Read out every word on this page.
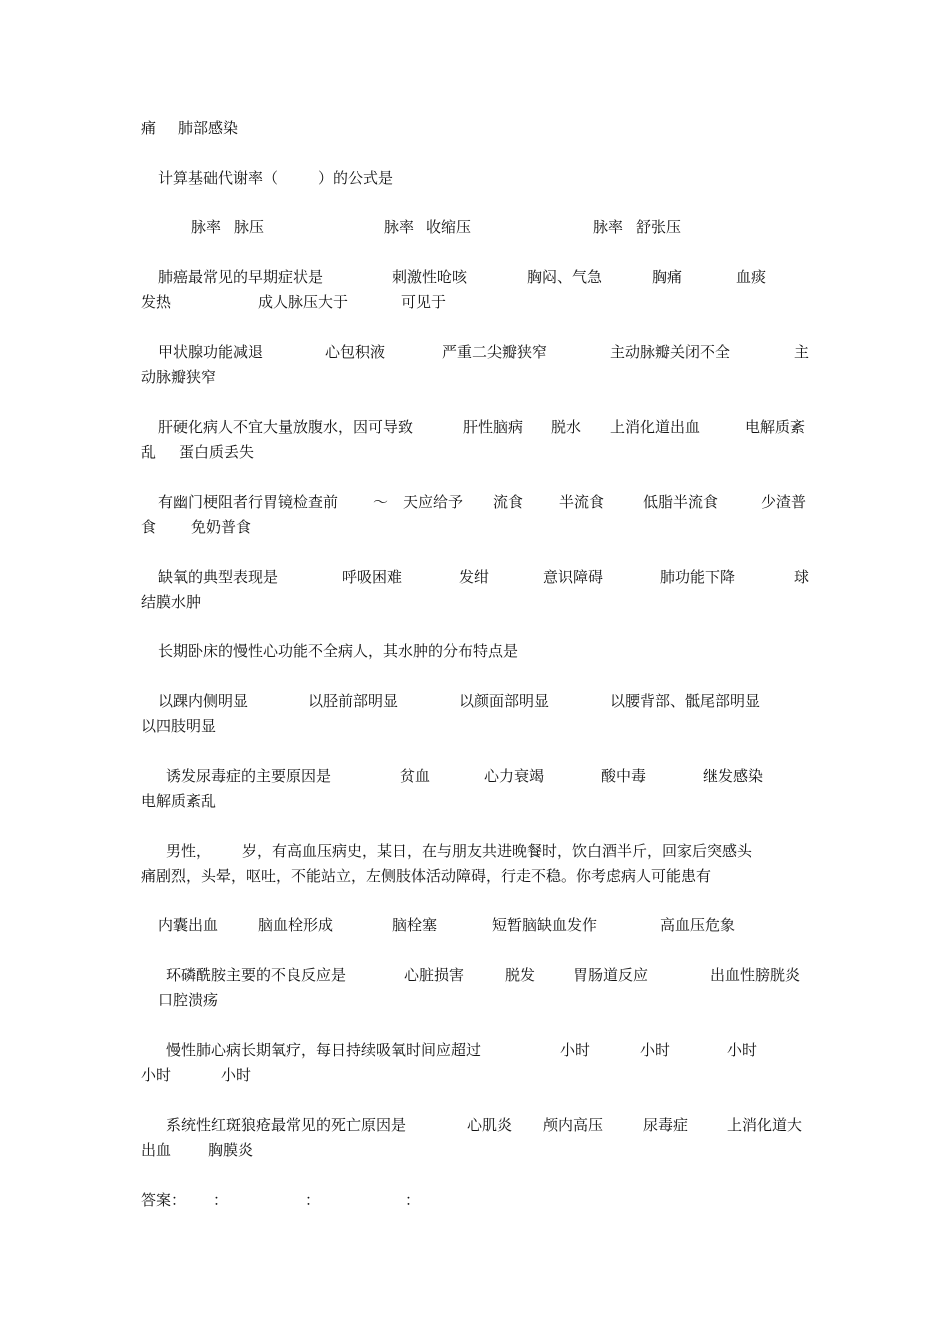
痛 肺部感染
计算基础代谢率（	）的公式是
脉率 脉压	脉率 收缩压	脉率 舒张压
肺癌最常见的早期症状是	刺激性呛咳	胸闷、气急	胸痛	血痰
发热	成人脉压大于	可见于
甲状腺功能减退	心包积液	严重二尖瓣狭窄	主动脉瓣关闭不全	主
动脉瓣狭窄
肝硬化病人不宜大量放腹水，因可导致	肝性脑病 脱水 上消化道出血	电解质紊
乱 蛋白质丢失
有幽门梗阻者行胃镜检查前 ～ 天应给予 流食 半流食	低脂半流食	少渣普
食 免奶普食
缺氧的典型表现是	呼吸困难	发绀	意识障碍	肺功能下降	球
结膜水肿
长期卧床的慢性心功能不全病人，其水肿的分布特点是
以踝内侧明显	以胫前部明显	以颜面部明显	以腰背部、骶尾部明显
以四肢明显
诱发尿毒症的主要原因是	贫血	心力衰竭	酸中毒	继发感染
电解质紊乱
男性， 岁，有高血压病史，某日，在与朋友共进晚餐时，饮白酒半斤，回家后突感头
痛剧烈，头晕，呕吐，不能站立，左侧肢体活动障碍，行走不稳。你考虑病人可能患有
内囊出血	脑血栓形成	脑栓塞	短暂脑缺血发作	高血压危象
环磷酰胺主要的不良反应是	心脏损害	脱发	胃肠道反应	出血性膀胱炎
口腔溃疡
慢性肺心病长期氧疗，每日持续吸氧时间应超过	小时	小时	小时
小时	小时
系统性红斑狼疮最常见的死亡原因是	心肌炎 颅内高压	尿毒症	上消化道大
出血 胸膜炎
答案： ：	：	：
